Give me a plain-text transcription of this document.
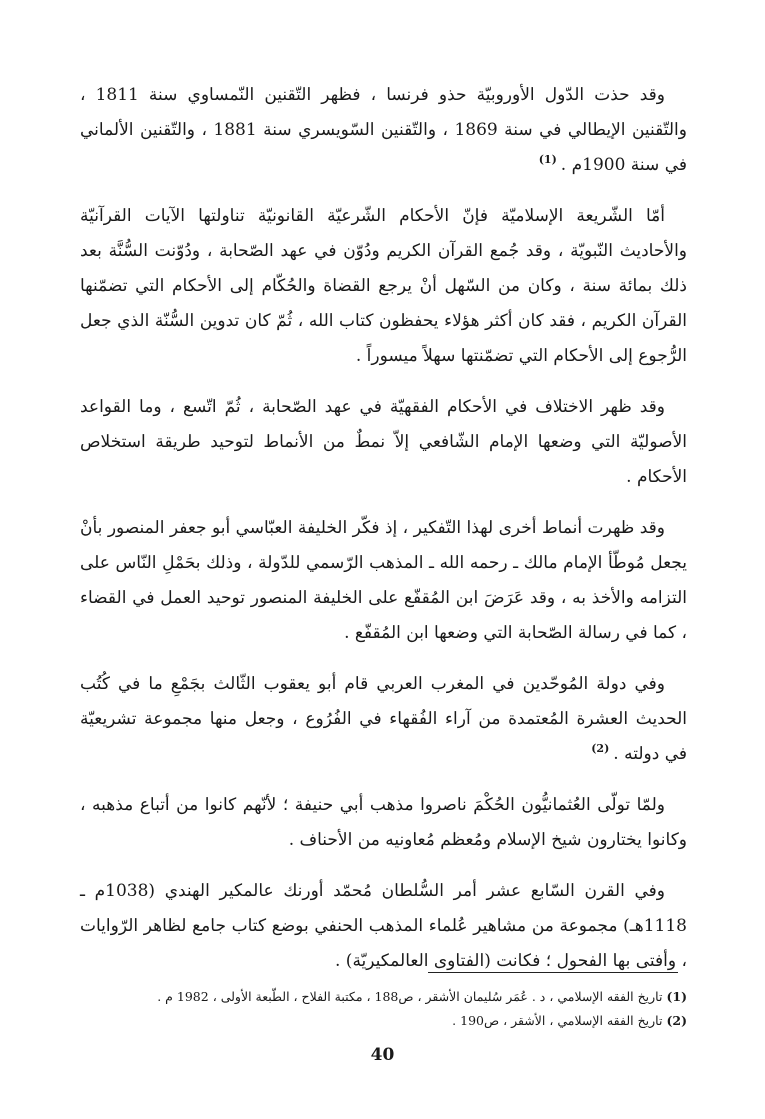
وقد حذت الدّول الأوروبيّة حذو فرنسا ، فظهر التّقنين النّمساوي سنة 1811 ، والتّقنين الإيطالي في سنة 1869 ، والتّقنين السّويسري سنة 1881 ، والتّقنين الألماني في سنة 1900م .$^{(1)}$

أمّا الشّريعة الإسلاميّة فإنّ الأحكام الشّرعيّة القانونيّة تناولتها الآيات القرآنيّة والأحاديث النّبويّة ، وقد جُمع القرآن الكريم ودُوّن في عهد الصّحابة ، ودُوّنت السُّنَّة بعد ذلك بمائة سنة ، وكان من السّهل أنْ يرجع القضاة والحُكّام إلى الأحكام التي تضمّنها القرآن الكريم ، فقد كان أكثر هؤلاء يحفظون كتاب الله ، ثُمّ كان تدوين السُّنّة الذي جعل الرُّجوع إلى الأحكام التي تضمّنتها سهلاً ميسوراً .

وقد ظهر الاختلاف في الأحكام الفقهيّة في عهد الصّحابة ، ثُمّ اتّسع ، وما القواعد الأصوليّة التي وضعها الإمام الشّافعي إلاّ نمطٌ من الأنماط لتوحيد طريقة استخلاص الأحكام .

وقد ظهرت أنماط أخرى لهذا التّفكير ، إذ فكّر الخليفة العبّاسي أبو جعفر المنصور بأنْ يجعل مُوطّأ الإمام مالك ـ رحمه الله ـ المذهب الرّسمي للدّولة ، وذلك بحَمْلِ النّاس على التزامه والأخذ به ، وقد عَرَضَ ابن المُقفّع على الخليفة المنصور توحيد العمل في القضاء ، كما في رسالة الصّحابة التي وضعها ابن المُقفّع .

وفي دولة المُوحّدين في المغرب العربي قام أبو يعقوب الثّالث بجَمْعِ ما في كُتُب الحديث العشرة المُعتمدة من آراء الفُقهاء في الفُرُوع ، وجعل منها مجموعة تشريعيّة في دولته .$^{(2)}$

ولمّا تولّى العُثمانيُّون الحُكْمَ ناصروا مذهب أبي حنيفة ؛ لأنّهم كانوا من أتباع مذهبه ، وكانوا يختارون شيخ الإسلام ومُعظم مُعاونيه من الأحناف .

وفي القرن السّابع عشر أمر السُّلطان مُحمّد أورنك عالمكير الهندي (1038م ـ 1118هـ) مجموعة من مشاهير عُلماء المذهب الحنفي بوضع كتاب جامع لظاهر الرّوايات ، وأفتى بها الفحول ؛ فكانت (الفتاوى العالمكيريّة) .

(1)تاريخ الفقه الإسلامي ، د . عُمَر سُليمان الأشقر ، ص188 ، مكتبة الفلاح ، الطّبعة الأولى ، 1982 م .

(2)تاريخ الفقه الإسلامي ، الأشقر ، ص190 .

40
